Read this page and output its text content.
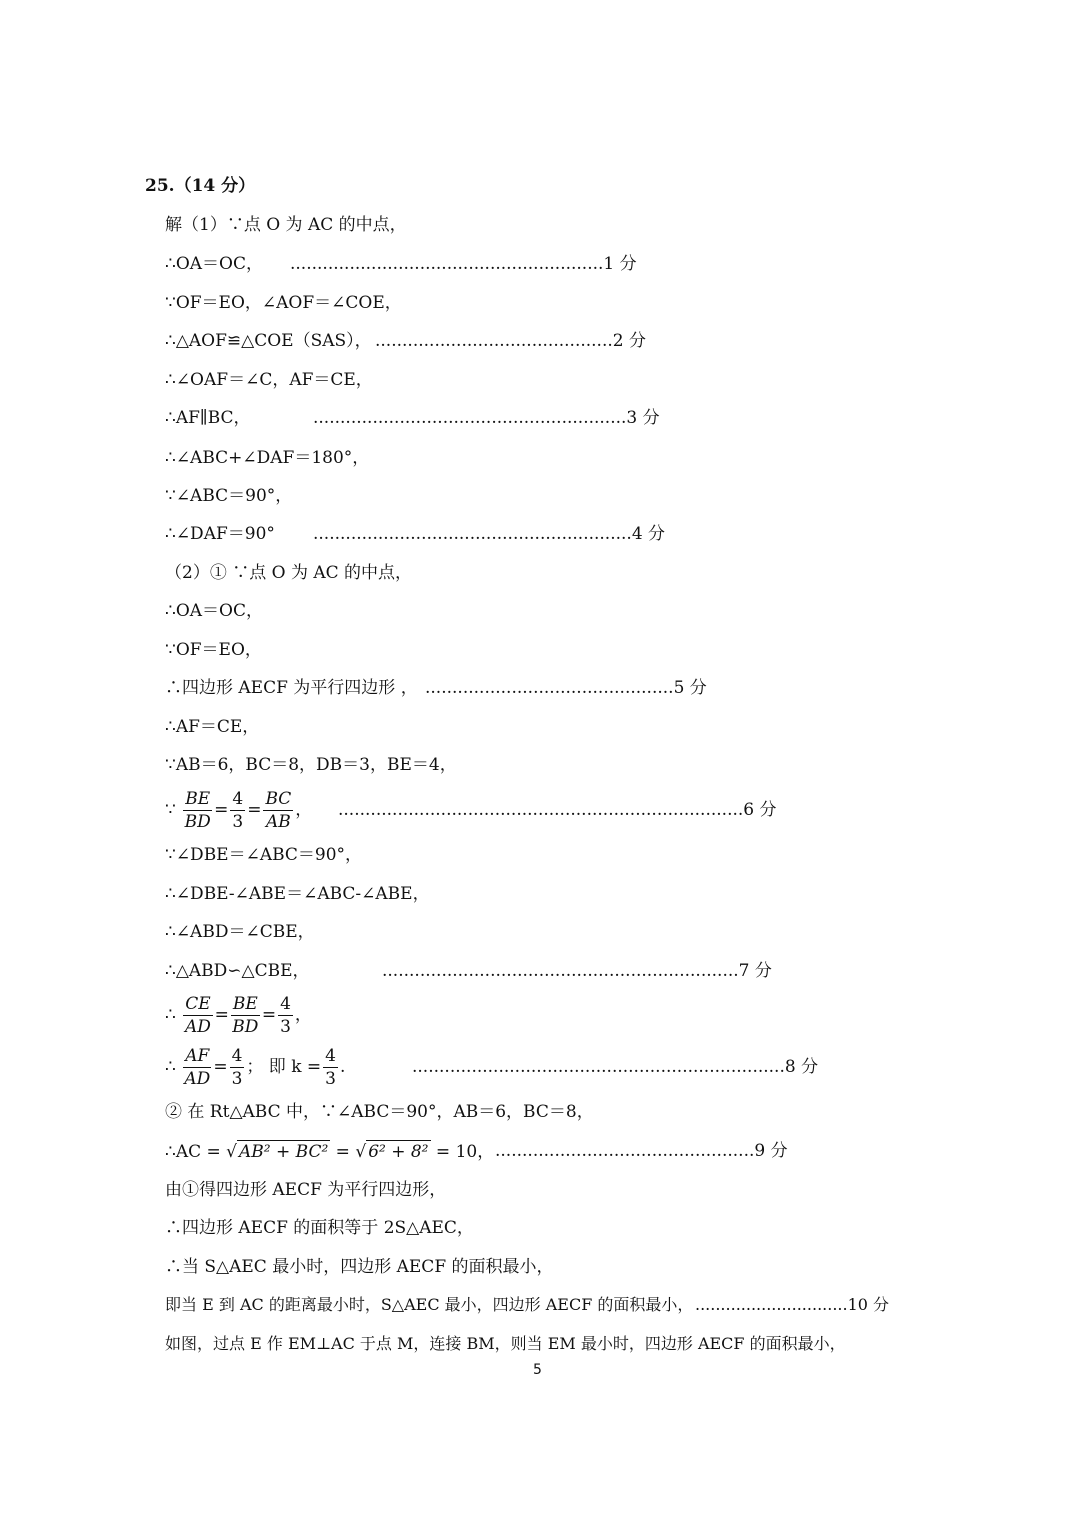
25.（14 分）
解（1）∵点 O 为 AC 的中点，
∴OA＝OC， ..........................................................1 分
∵OF＝EO，∠AOF＝∠COE，
∴△AOF≌△COE（SAS）， ............................................2 分
∴∠OAF＝∠C，AF＝CE，
∴AF∥BC，	..........................................................3 分
∴∠ABC+∠DAF＝180°，
∵∠ABC＝90°，
∴∠DAF＝90° ...........................................................4 分
（2）① ∵点 O 为 AC 的中点，
∴OA＝OC，
∵OF＝EO，
∴四边形 AECF 为平行四边形 ， ..............................................5 分
∴AF＝CE，
∵AB＝6，BC＝8，DB＝3，BE＝4，
∵ $\frac{BE}{BD} = \frac{4}{3} = \frac{BC}{AB}$ ， ...........................................................................6 分
∵∠DBE＝∠ABC＝90°，
∴∠DBE-∠ABE＝∠ABC-∠ABE，
∴∠ABD＝∠CBE，
∴△ABD∽△CBE，	..................................................................7 分
∴ $\frac{CE}{AD} = \frac{BE}{BD} = \frac{4}{3}$ ，
∴ $\frac{AF}{AD} = \frac{4}{3}$ ； 即 $k = \frac{4}{3}$ .	.....................................................................8 分
② 在 Rt△ABC 中，∵∠ABC＝90°，AB＝6，BC＝8，
∴AC = √ AB² + BC² = √ 6² + 8² = 10， ................................................9 分
由①得四边形 AECF 为平行四边形，
∴四边形 AECF 的面积等于 2S△AEC，
∴当 S△AEC 最小时，四边形 AECF 的面积最小，
即当 E 到 AC 的距离最小时，S△AEC 最小，四边形 AECF 的面积最小， ..............................10 分
如图，过点 E 作 EM⊥AC 于点 M，连接 BM，则当 EM 最小时，四边形 AECF 的面积最小，
5
